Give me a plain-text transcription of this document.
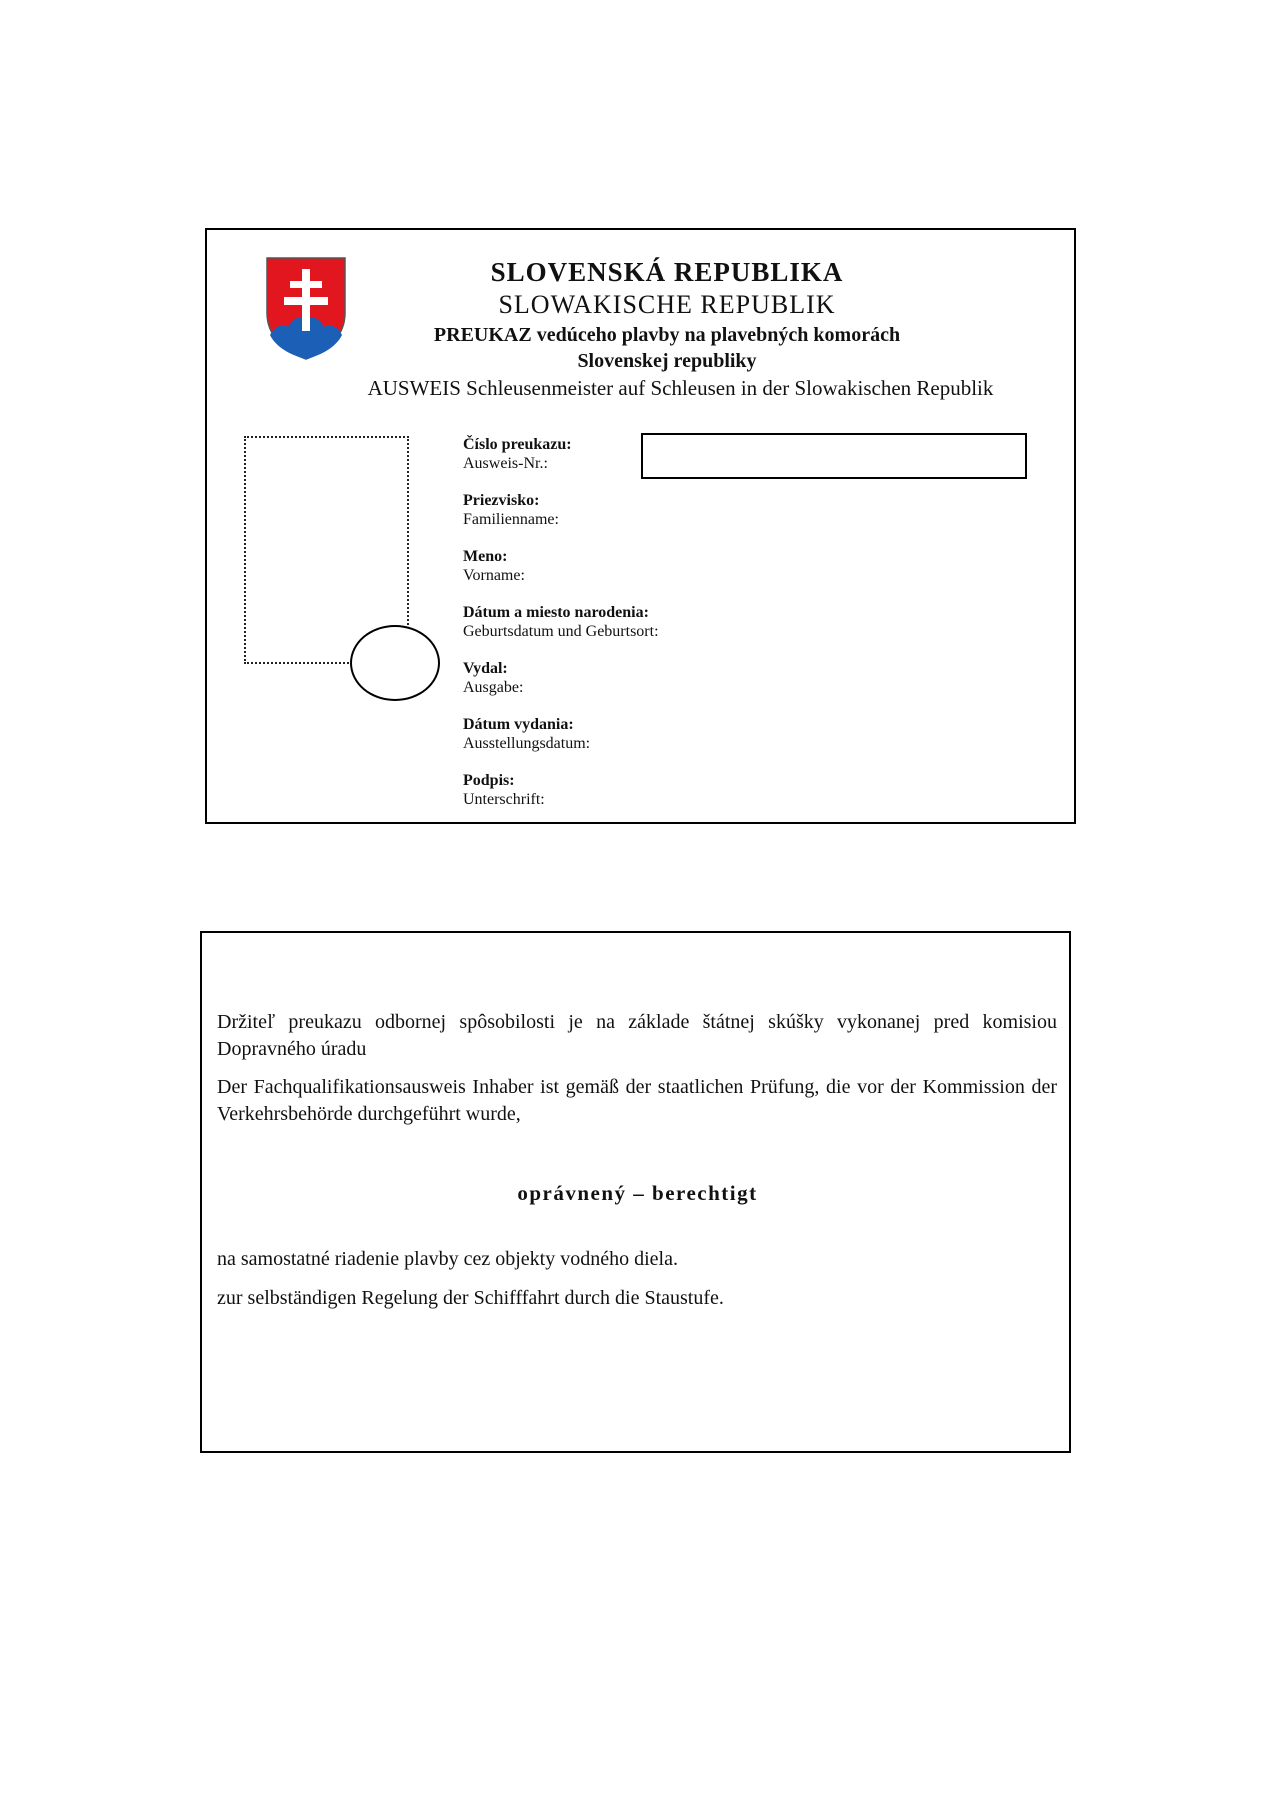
SLOVENSKÁ REPUBLIKA
SLOWAKISCHE REPUBLIK
PREUKAZ vedúceho plavby na plavebných komorách
Slovenskej republiky
AUSWEIS Schleusenmeister auf Schleusen in der Slowakischen Republik
Číslo preukazu:
Ausweis-Nr.:
Priezvisko:
Familienname:
Meno:
Vorname:
Dátum a miesto narodenia:
Geburtsdatum und Geburtsort:
Vydal:
Ausgabe:
Dátum vydania:
Ausstellungsdatum:
Podpis:
Unterschrift:
Držiteľ preukazu odbornej spôsobilosti je na základe štátnej skúšky vykonanej pred komisiou Dopravného úradu
Der Fachqualifikationsausweis Inhaber ist gemäß der staatlichen Prüfung, die vor der Kommission der Verkehrsbehörde durchgeführt wurde,
oprávnený – berechtigt
na samostatné riadenie plavby cez objekty vodného diela.
zur selbständigen Regelung der Schifffahrt durch die Staustufe.
